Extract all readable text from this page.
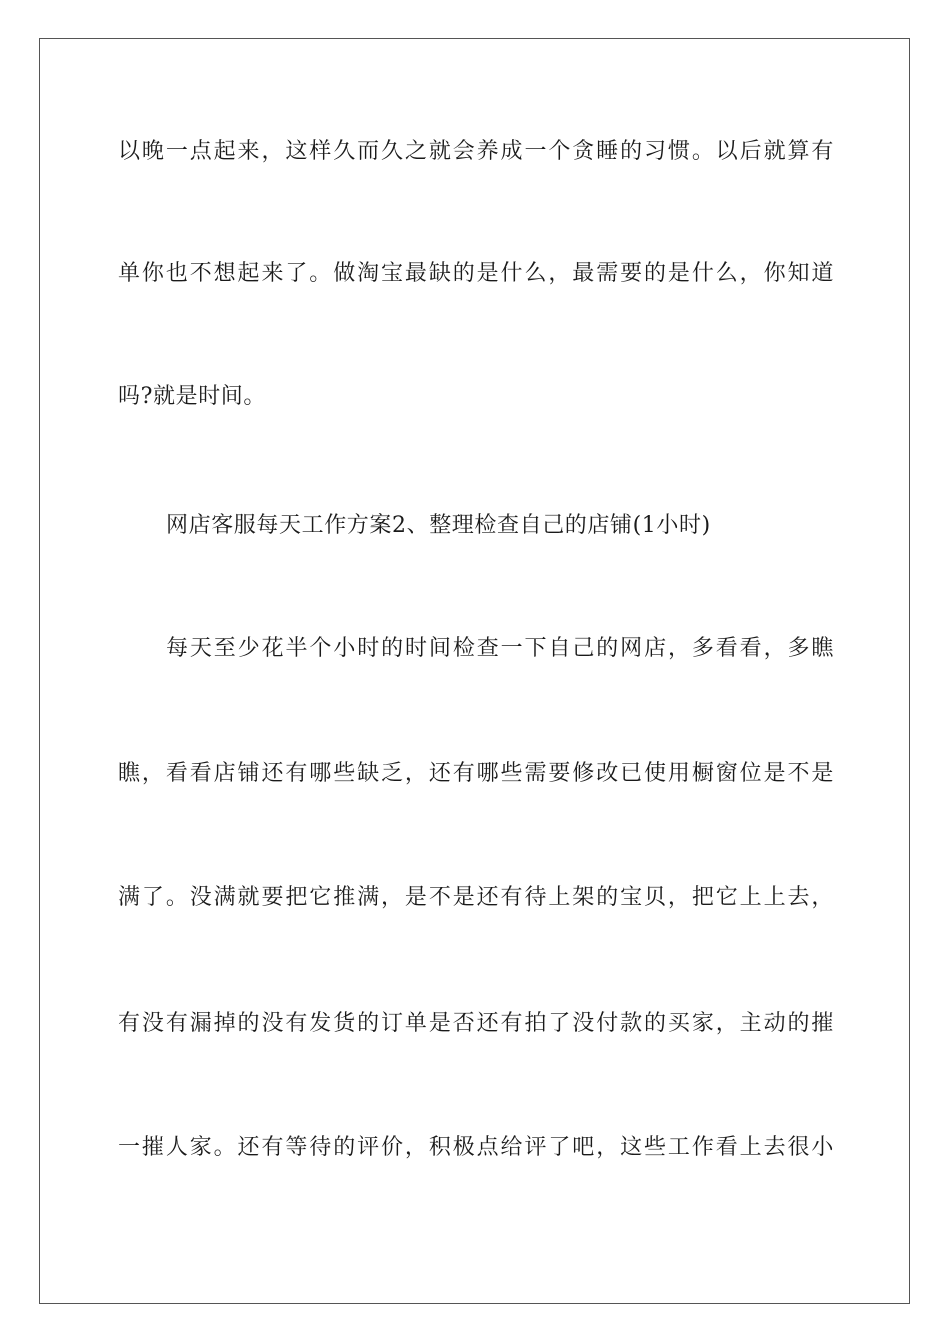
以晚一点起来，这样久而久之就会养成一个贪睡的习惯。以后就算有
单你也不想起来了。做淘宝最缺的是什么，最需要的是什么，你知道
吗?就是时间。
网店客服每天工作方案2、整理检查自己的店铺(1小时)
每天至少花半个小时的时间检查一下自己的网店，多看看，多瞧
瞧，看看店铺还有哪些缺乏，还有哪些需要修改已使用橱窗位是不是
满了。没满就要把它推满，是不是还有待上架的宝贝，把它上上去，
有没有漏掉的没有发货的订单是否还有拍了没付款的买家，主动的摧
一摧人家。还有等待的评价，积极点给评了吧，这些工作看上去很小
